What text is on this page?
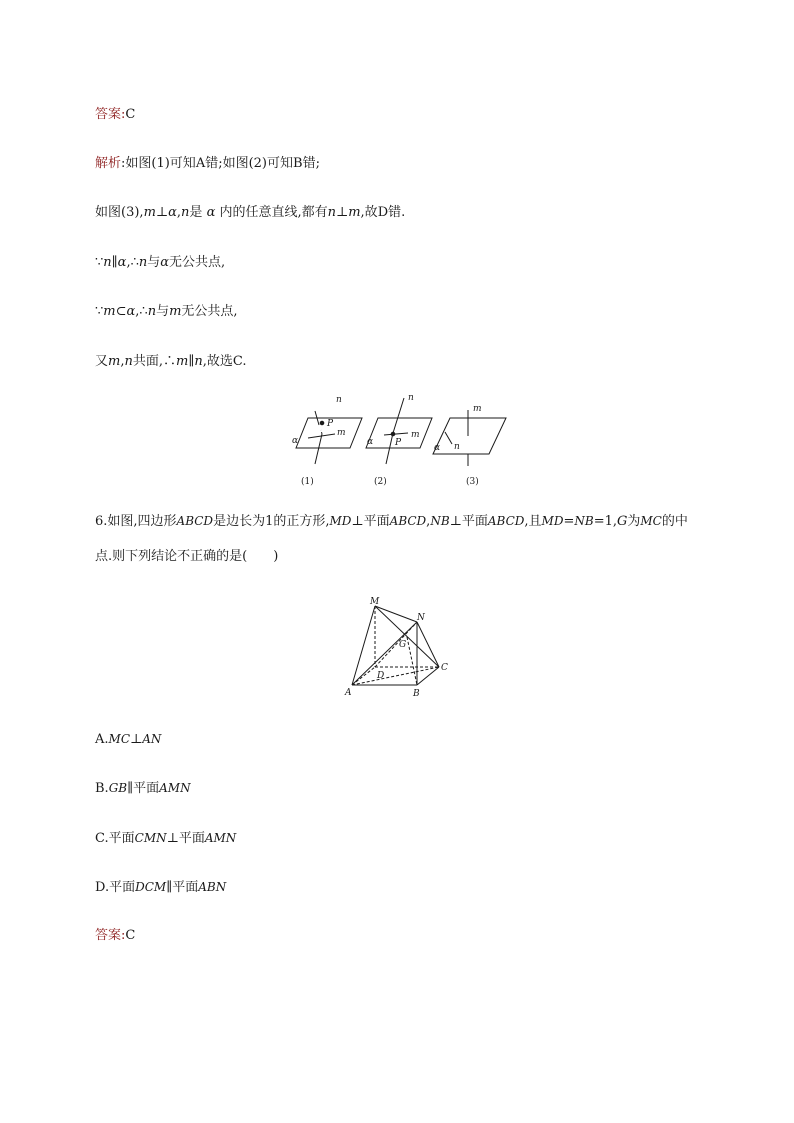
答案:C
解析:如图(1)可知A错;如图(2)可知B错;
如图(3),m⊥α,n是 α 内的任意直线,都有n⊥m,故D错.
∵n∥α,∴n与α无公共点,
∵m⊂α,∴n与m无公共点,
又m,n共面,∴m∥n,故选C.
n
P
m
α
n
P
m
α
m
n
α
(1)	(2)	(3)
6.如图,四边形ABCD是边长为1的正方形,MD⊥平面ABCD,NB⊥平面ABCD,且MD=NB=1,G为MC的中
点.则下列结论不正确的是(　　)
M
N
G
C
D
A	B
A.MC⊥AN
B.GB∥平面AMN
C.平面CMN⊥平面AMN
D.平面DCM∥平面ABN
答案:C
